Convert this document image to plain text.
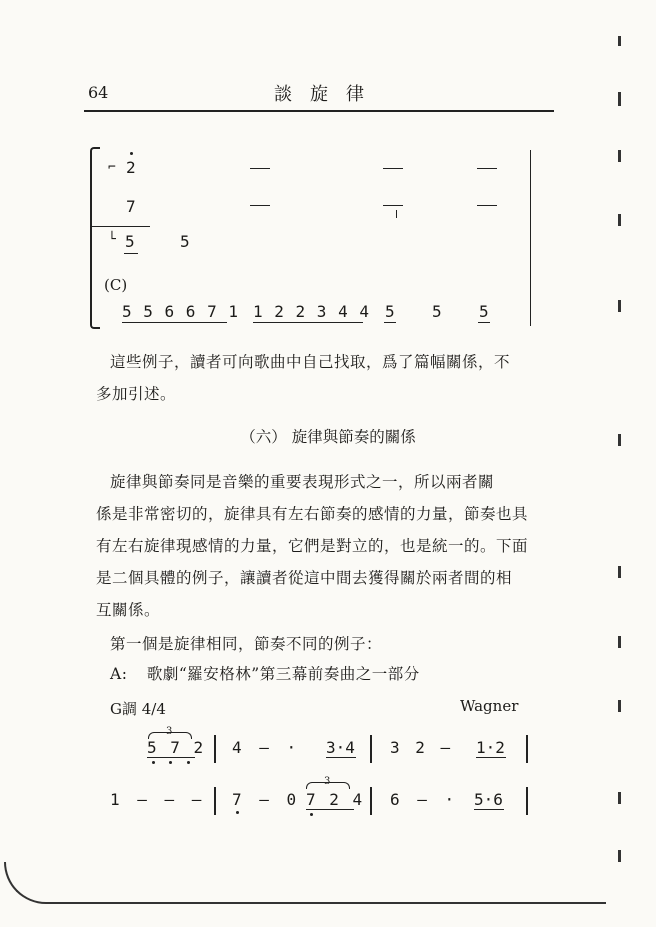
64	談旋律
⌐ 2
7
└ 5	5
(C)
5 5 6 6 7 1 1 2 2 3 4 4 5 5 5
這些例子，讀者可向歌曲中自己找取，爲了篇幅關係，不
多加引述。
（六） 旋律與節奏的關係
旋律與節奏同是音樂的重要表現形式之一，所以兩者關
係是非常密切的，旋律具有左右節奏的感情的力量，節奏也具
有左右旋律現感情的力量，它們是對立的，也是統一的。下面
是二個具體的例子，讓讀者從這中間去獲得關於兩者間的相
互關係。
第一個是旋律相同，節奏不同的例子：
A: 歌劇“羅安格林”第三幕前奏曲之一部分
G調 4/4	Wagner
3
5 7 2 4 — · 3·4 3 2 — 1·2
1 — — — 7 — 0
3
7 2 4 6 — · 5·6
